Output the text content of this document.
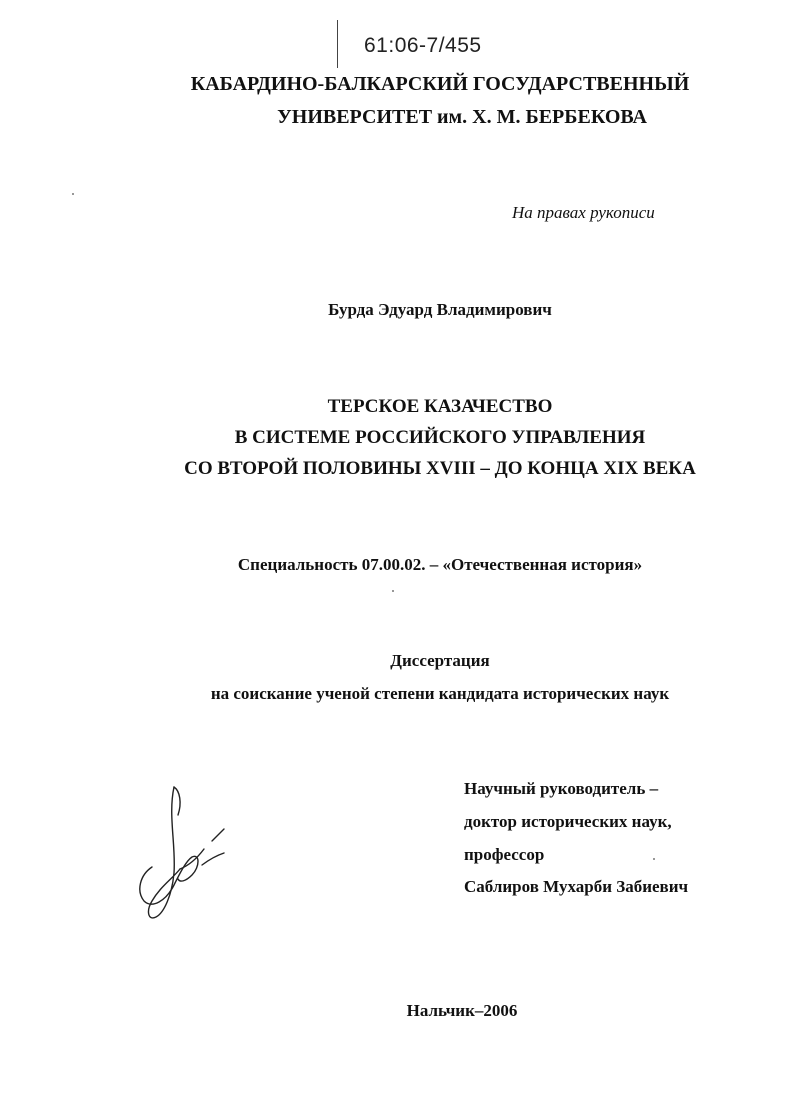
61:06-7/455
КАБАРДИНО-БАЛКАРСКИЙ ГОСУДАРСТВЕННЫЙ
УНИВЕРСИТЕТ им. Х. М. БЕРБЕКОВА
На правах рукописи
Бурда Эдуард Владимирович
ТЕРСКОЕ КАЗАЧЕСТВО
В СИСТЕМЕ РОССИЙСКОГО УПРАВЛЕНИЯ
СО ВТОРОЙ ПОЛОВИНЫ XVIII – ДО КОНЦА XIX ВЕКА
Специальность 07.00.02. – «Отечественная история»
Диссертация
на соискание ученой степени кандидата исторических наук
Научный руководитель –
доктор исторических наук,
профессор
Саблиров Мухарби Забиевич
Нальчик–2006
